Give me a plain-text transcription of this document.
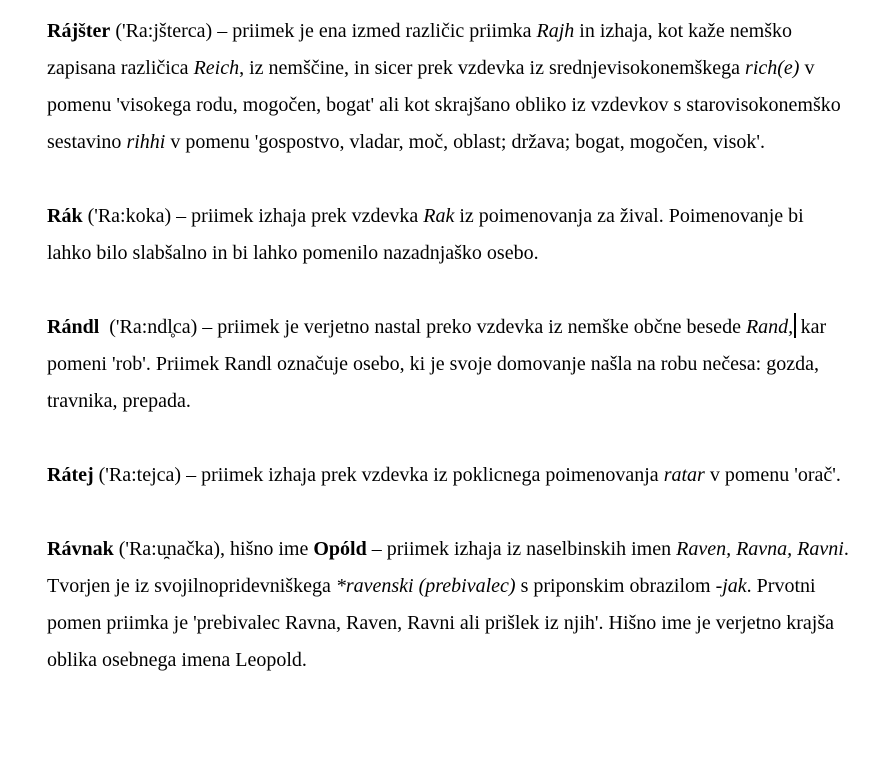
Rájšter ('Ra:jšterca) – priimek je ena izmed različic priimka Rajh in izhaja, kot kaže nemško zapisana različica Reich, iz nemščine, in sicer prek vzdevka iz srednjevisokonemškega rich(e) v pomenu 'visokega rodu, mogočen, bogat' ali kot skrajšano obliko iz vzdevkov s starovisokonemško sestavino rihhi v pomenu 'gospostvo, vladar, moč, oblast; država; bogat, mogočen, visok'.

Rák ('Ra:koka) – priimek izhaja prek vzdevka Rak iz poimenovanja za žival. Poimenovanje bi lahko bilo slabšalno in bi lahko pomenilo nazadnjaško osebo.

Rándl  ('Ra:ndl̥ca) – priimek je verjetno nastal preko vzdevka iz nemške občne besede Rand, kar pomeni 'rob'. Priimek Randl označuje osebo, ki je svoje domovanje našla na robu nečesa: gozda, travnika, prepada.

Rátej ('Ra:tejca) – priimek izhaja prek vzdevka iz poklicnega poimenovanja ratar v pomenu 'orač'.

Rávnak ('Ra:u̯načka), hišno ime Opóld – priimek izhaja iz naselbinskih imen Raven, Ravna, Ravni. Tvorjen je iz svojilnopridevniškega *ravenski (prebivalec) s priponskim obrazilom -jak. Prvotni pomen priimka je 'prebivalec Ravna, Raven, Ravni ali prišlek iz njih'. Hišno ime je verjetno krajša oblika osebnega imena Leopold.
